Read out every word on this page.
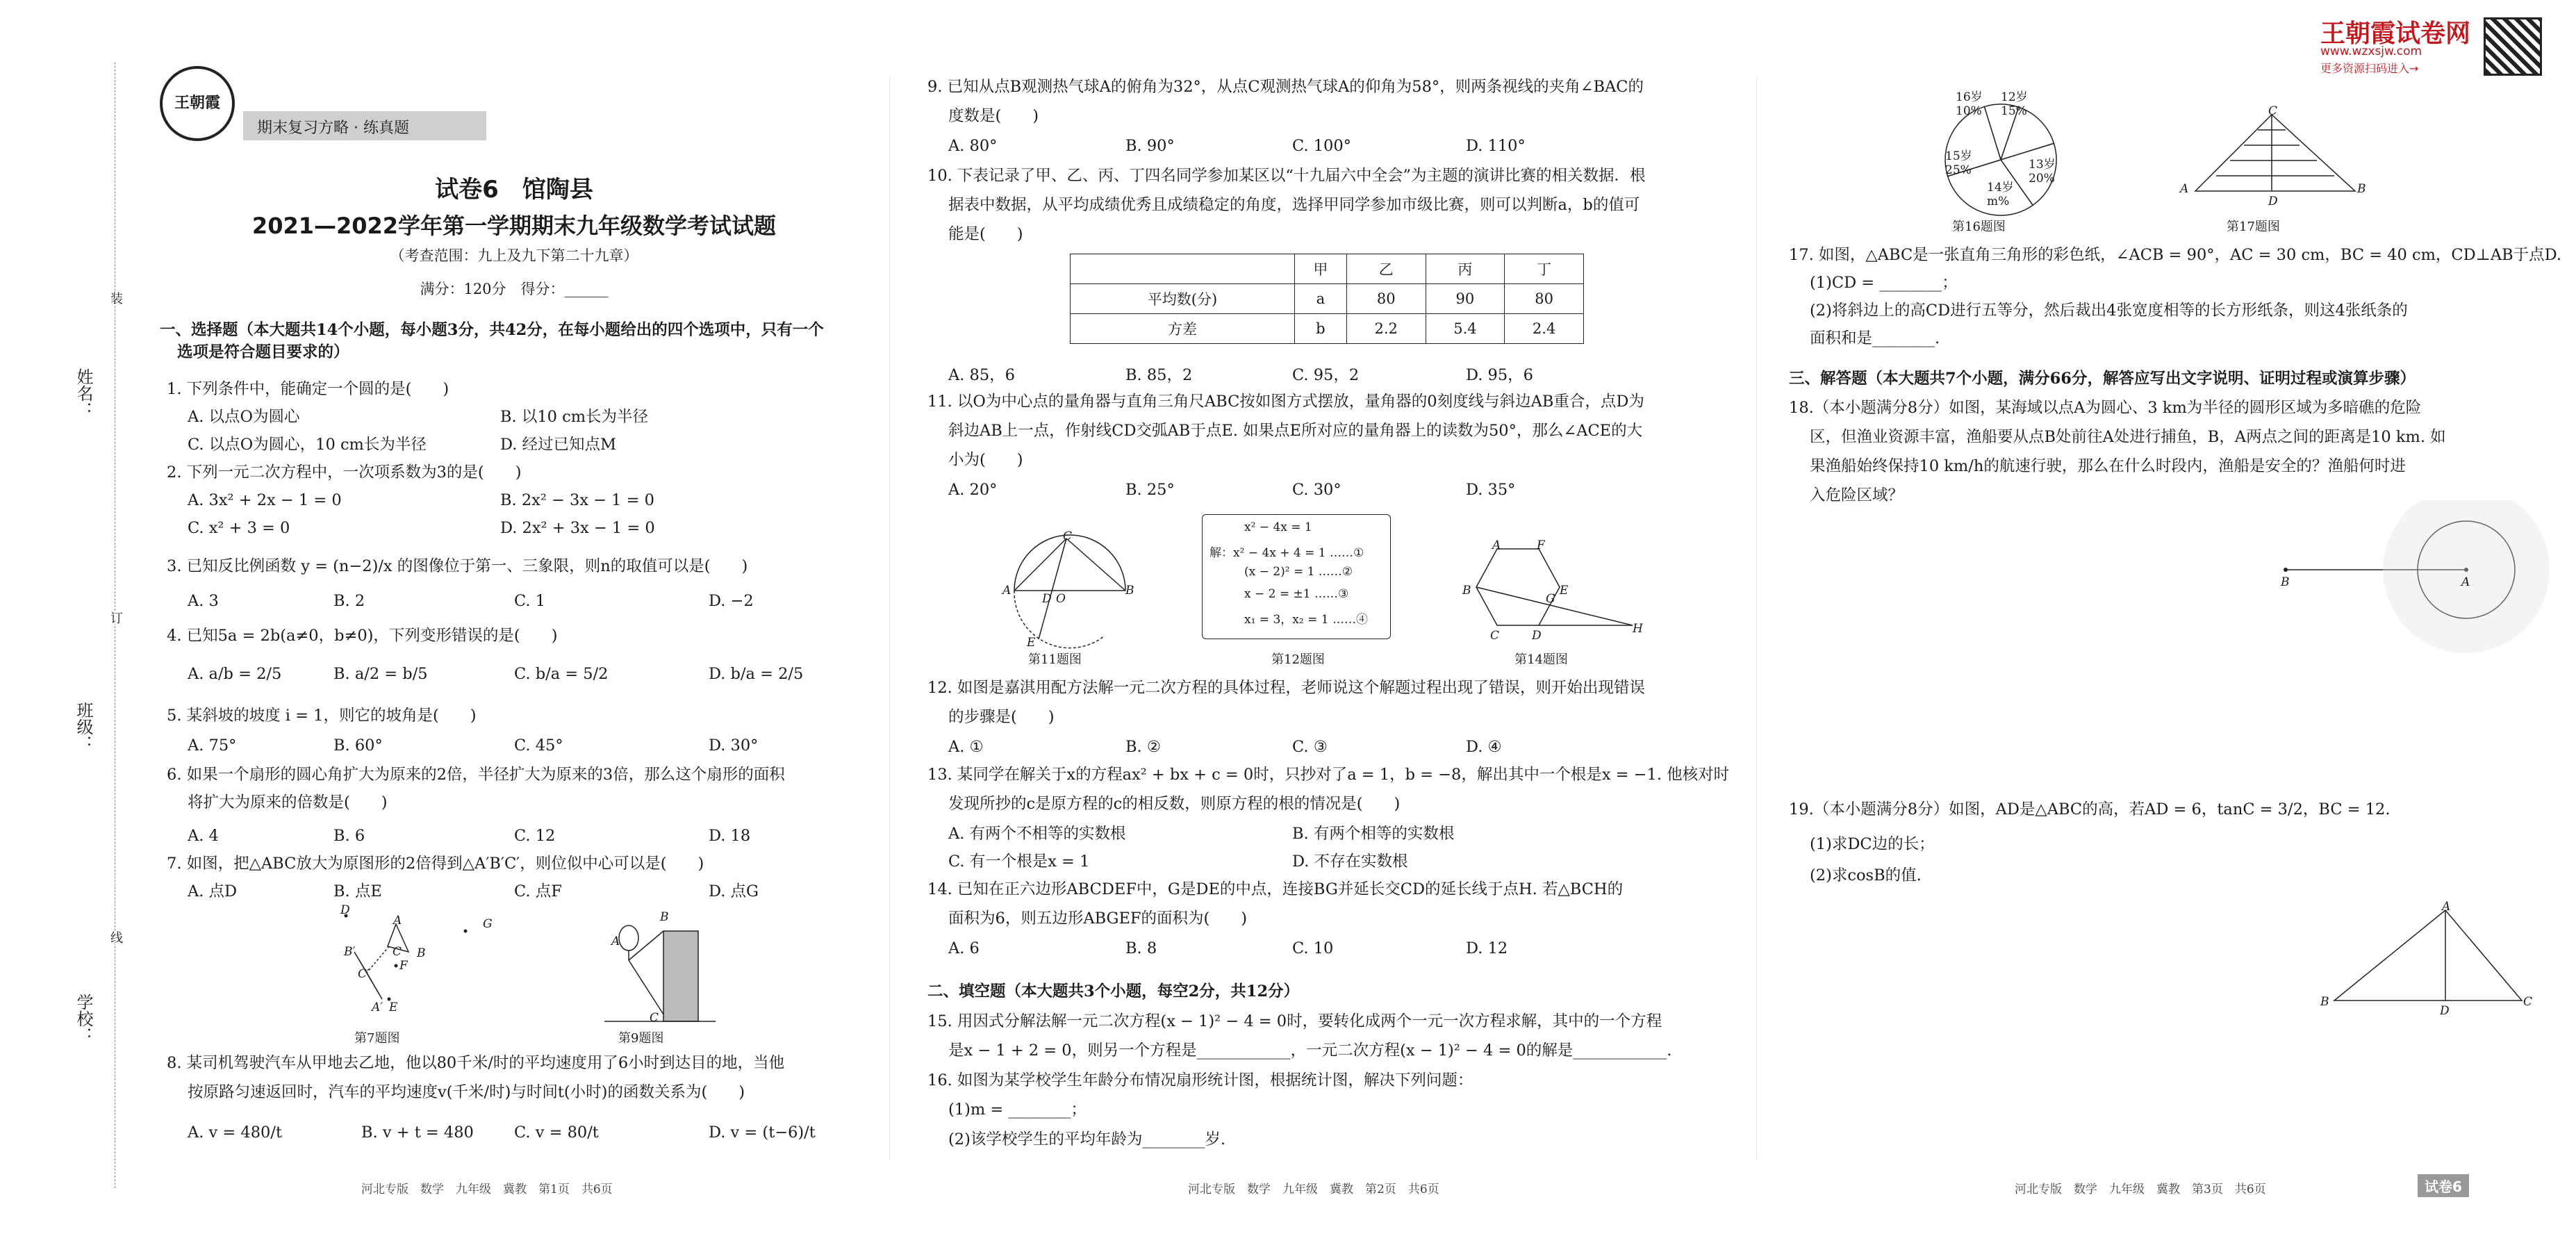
姓名：
班级：
学校：
装
订
线
王朝霞
期末复习方略 · 练真题
试卷6　馆陶县
2021—2022学年第一学期期末九年级数学考试试题
（考查范围：九上及九下第二十九章）
满分：120分　得分：______
王朝霞试卷网
www.wzxsjw.com
更多资源扫码进入→
一、选择题（本大题共14个小题，每小题3分，共42分，在每小题给出的四个选项中，只有一个
选项是符合题目要求的）
1. 下列条件中，能确定一个圆的是(　　)
A. 以点O为圆心	B. 以10 cm长为半径
C. 以点O为圆心，10 cm长为半径	D. 经过已知点M
2. 下列一元二次方程中，一次项系数为3的是(　　)
A. 3x² + 2x − 1 = 0	B. 2x² − 3x − 1 = 0
C. x² + 3 = 0	D. 2x² + 3x − 1 = 0
3. 已知反比例函数 y = (n−2)/x 的图像位于第一、三象限，则n的取值可以是(　　)
A. 3	B. 2	C. 1	D. −2
4. 已知5a = 2b(a≠0，b≠0)，下列变形错误的是(　　)
A. a/b = 2/5	B. a/2 = b/5	C. b/a = 5/2	D. b/a = 2/5
5. 某斜坡的坡度 i = 1，则它的坡角是(　　)
A. 75°	B. 60°	C. 45°	D. 30°
6. 如果一个扇形的圆心角扩大为原来的2倍，半径扩大为原来的3倍，那么这个扇形的面积
将扩大为原来的倍数是(　　)
A. 4	B. 6	C. 12	D. 18
7. 如图，把△ABC放大为原图形的2倍得到△A′B′C′，则位似中心可以是(　　)
A. 点D	B. 点E	C. 点F	D. 点G
第7题图	第9题图
8. 某司机驾驶汽车从甲地去乙地，他以80千米/时的平均速度用了6小时到达目的地，当他
按原路匀速返回时，汽车的平均速度v(千米/时)与时间t(小时)的函数关系为(　　)
A. v = 480/t	B. v + t = 480	C. v = 80/t	D. v = (t−6)/t
D
A
B
C
F
B′
C′
A′ E
G
A
B
C
9. 已知从点B观测热气球A的俯角为32°，从点C观测热气球A的仰角为58°，则两条视线的夹角∠BAC的
度数是(　　)
A. 80°	B. 90°	C. 100°	D. 110°
10. 下表记录了甲、乙、丙、丁四名同学参加某区以“十九届六中全会”为主题的演讲比赛的相关数据．根
据表中数据，从平均成绩优秀且成绩稳定的角度，选择甲同学参加市级比赛，则可以判断a，b的值可
能是(　　)
A. 85，6	B. 85，2	C. 95，2	D. 95，6
11. 以O为中心点的量角器与直角三角尺ABC按如图方式摆放，量角器的0刻度线与斜边AB重合，点D为
斜边AB上一点，作射线CD交弧AB于点E. 如果点E所对应的量角器上的读数为50°，那么∠ACE的大
小为(　　)
A. 20°	B. 25°	C. 30°	D. 35°
第11题图	第12题图	第14题图
12. 如图是嘉淇用配方法解一元二次方程的具体过程，老师说这个解题过程出现了错误，则开始出现错误
的步骤是(　　)
A. ①	B. ②	C. ③	D. ④
13. 某同学在解关于x的方程ax² + bx + c = 0时，只抄对了a = 1，b = −8，解出其中一个根是x = −1. 他核对时
发现所抄的c是原方程的c的相反数，则原方程的根的情况是(　　)
A. 有两个不相等的实数根	B. 有两个相等的实数根
C. 有一个根是x = 1	D. 不存在实数根
14. 已知在正六边形ABCDEF中，G是DE的中点，连接BG并延长交CD的延长线于点H. 若△BCH的
面积为6，则五边形ABGEF的面积为(　　)
A. 6	B. 8	C. 10	D. 12
二、填空题（本大题共3个小题，每空2分，共12分）
15. 用因式分解法解一元二次方程(x − 1)² − 4 = 0时，要转化成两个一元一次方程求解，其中的一个方程
是x − 1 + 2 = 0，则另一个方程是____________，一元二次方程(x − 1)² − 4 = 0的解是____________.
16. 如图为某学校学生年龄分布情况扇形统计图，根据统计图，解决下列问题：
(1)m = ________；
(2)该学校学生的平均年龄为________岁.
	甲	乙	丙	丁
平均数(分)	a	80	90	80
方差	b	2.2	5.4	2.4
A	B
C
D O
E
x² − 4x = 1
解：x² − 4x + 4 = 1 ……①
(x − 2)² = 1 ……②
x − 2 = ±1 ……③
x₁ = 3，x₂ = 1 ……④
A	F
B	E
C
G
D	H
16岁 10%
12岁 15%
15岁 25%	13岁 20%
14岁 m%
C
A	B
D
第16题图	第17题图
17. 如图，△ABC是一张直角三角形的彩色纸，∠ACB = 90°，AC = 30 cm，BC = 40 cm，CD⊥AB于点D.
(1)CD = ________；
(2)将斜边上的高CD进行五等分，然后裁出4张宽度相等的长方形纸条，则这4张纸条的
面积和是________.
三、解答题（本大题共7个小题，满分66分，解答应写出文字说明、证明过程或演算步骤）
18.（本小题满分8分）如图，某海域以点A为圆心、3 km为半径的圆形区域为多暗礁的危险
区，但渔业资源丰富，渔船要从点B处前往A处进行捕鱼，B，A两点之间的距离是10 km. 如
果渔船始终保持10 km/h的航速行驶，那么在什么时段内，渔船是安全的？渔船何时进
入危险区域？
19.（本小题满分8分）如图，AD是△ABC的高，若AD = 6，tanC = 3/2，BC = 12.
(1)求DC边的长；
(2)求cosB的值.
B	A
A
B
D
C
河北专版　数学　九年级　冀教　第1页　共6页	河北专版　数学　九年级　冀教　第2页　共6页	河北专版　数学　九年级　冀教　第3页　共6页	试卷6
